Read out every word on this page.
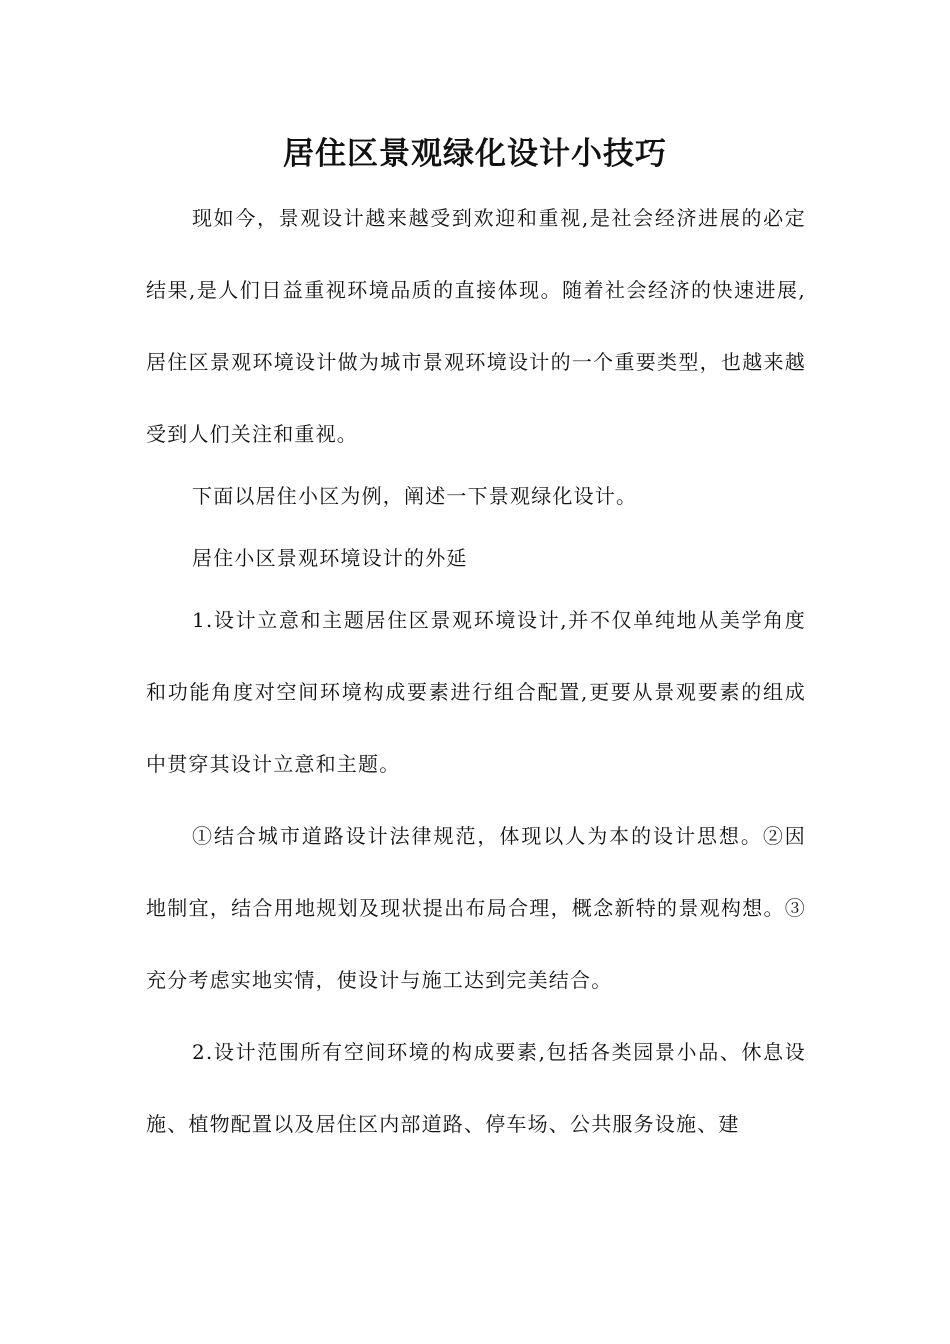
居住区景观绿化设计小技巧

现如今，景观设计越来越受到欢迎和重视,是社会经济进展的必定结果,是人们日益重视环境品质的直接体现。随着社会经济的快速进展,居住区景观环境设计做为城市景观环境设计的一个重要类型，也越来越受到人们关注和重视。

下面以居住小区为例，阐述一下景观绿化设计。

居住小区景观环境设计的外延

1.设计立意和主题居住区景观环境设计,并不仅单纯地从美学角度和功能角度对空间环境构成要素进行组合配置,更要从景观要素的组成中贯穿其设计立意和主题。

①结合城市道路设计法律规范，体现以人为本的设计思想。②因地制宜，结合用地规划及现状提出布局合理，概念新特的景观构想。③充分考虑实地实情，使设计与施工达到完美结合。

2.设计范围所有空间环境的构成要素,包括各类园景小品、休息设施、植物配置以及居住区内部道路、停车场、公共服务设施、建
